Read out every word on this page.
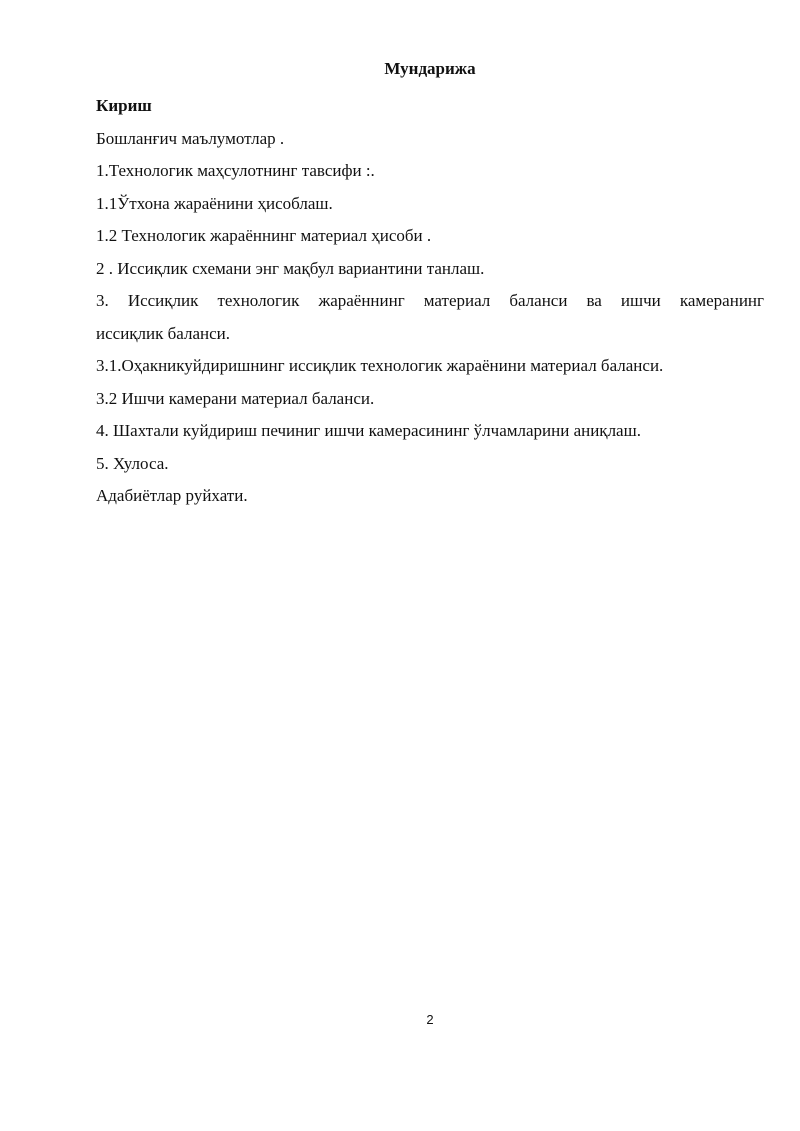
Мундарижа

Кириш

Бошланғич маълумотлар .

1.Технологик маҳсулотнинг тавсифи :.

1.1Ўтхона жараёнини ҳисоблаш.

1.2 Технологик жараённинг материал ҳисоби .

2 . Иссиқлик схемани энг мақбул вариантини танлаш.

3. Иссиқлик технологик жараённинг материал баланси ва ишчи камеранинг

иссиқлик баланси.

3.1.Оҳакникуйдиришнинг иссиқлик технологик жараёнини материал баланси.

3.2 Ишчи камерани материал баланси.

4. Шахтали куйдириш печиниг ишчи камерасининг ўлчамларини аниқлаш.

5. Хулоса.

Адабиётлар руйхати.

2
